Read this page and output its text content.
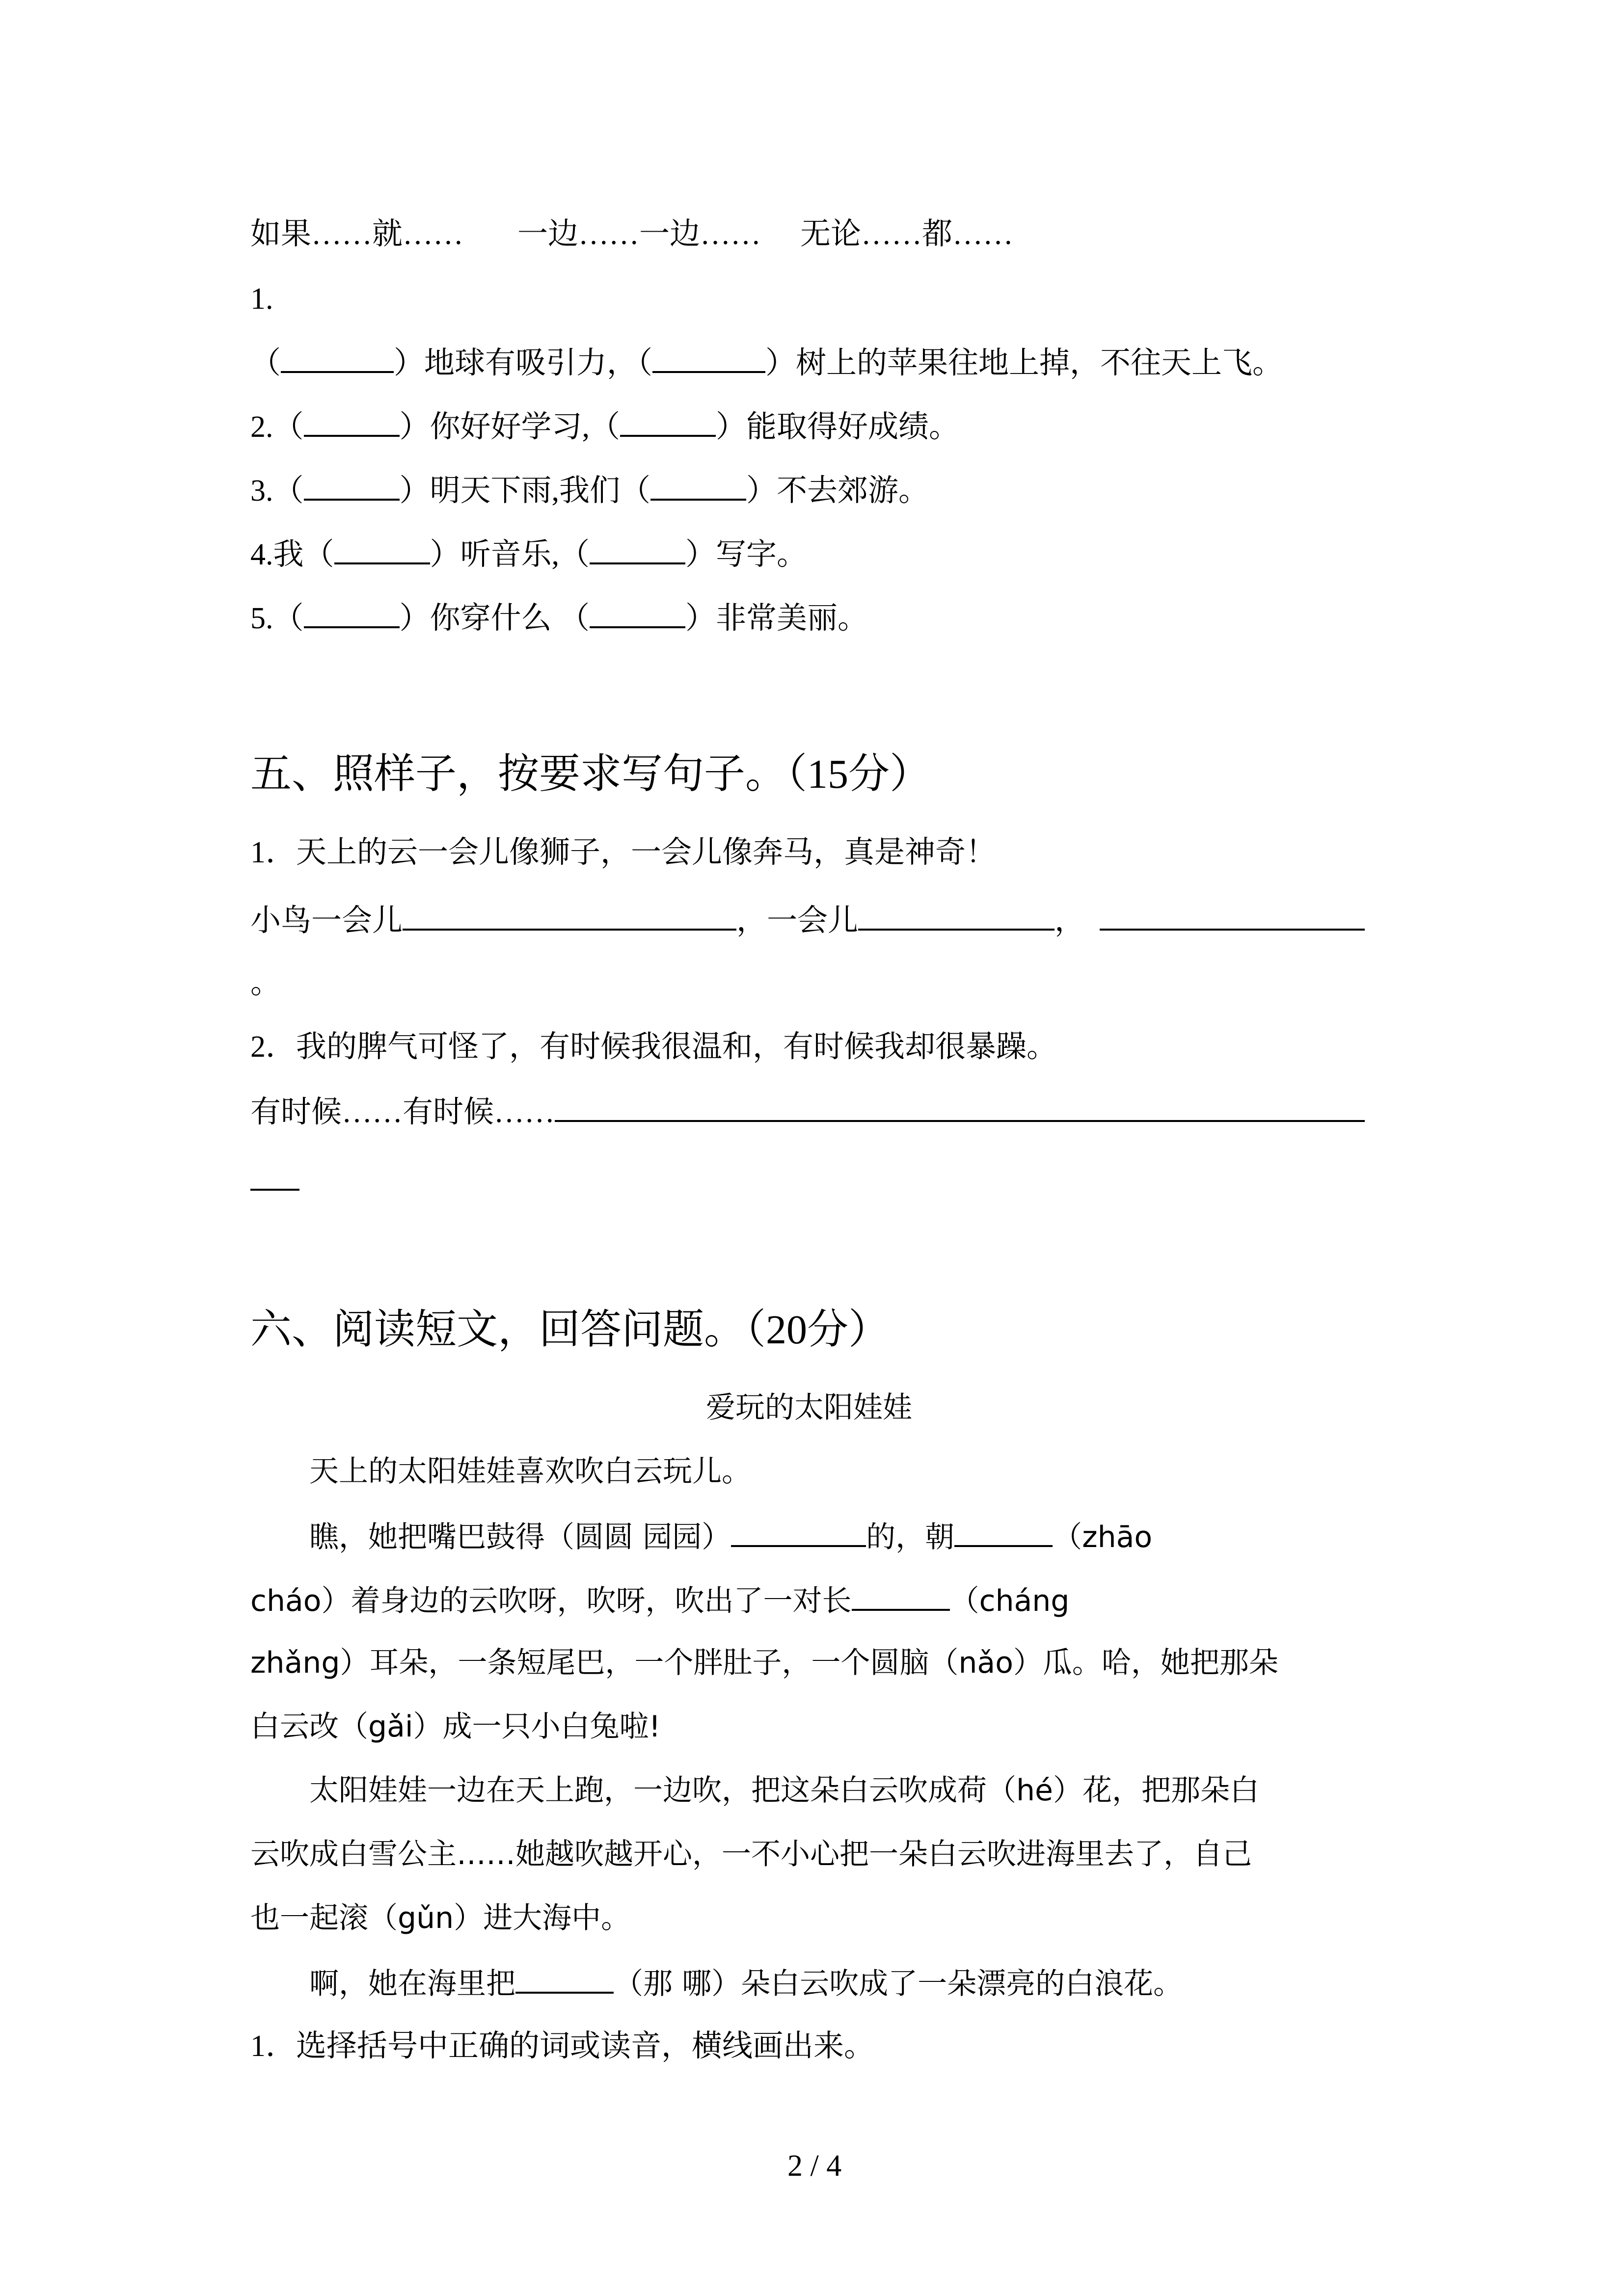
如果……就…… 一边……一边…… 无论……都……
1.
（	）地球有吸引力，（	）树上的苹果往地上掉，不往天上飞。
2.（	）你好好学习,（	）能取得好成绩。
3.（	）明天下雨,我们（	）不去郊游。
4.我（	）听音乐,（	）写字。
5.（	）你穿什么 （	）非常美丽。
五、照样子，按要求写句子。（15分）
1．天上的云一会儿像狮子，一会儿像奔马，真是神奇！
小鸟一会儿	，一会儿	，
。
2．我的脾气可怪了，有时候我很温和，有时候我却很暴躁。
有时候……有时候……
六、阅读短文，回答问题。（20分）
爱玩的太阳娃娃
天上的太阳娃娃喜欢吹白云玩儿。
瞧，她把嘴巴鼓得（圆圆 园园）	的，朝	（zhāo
cháo）着身边的云吹呀，吹呀，吹出了一对长	（cháng
zhǎng）耳朵，一条短尾巴，一个胖肚子，一个圆脑（nǎo）瓜。哈，她把那朵
白云改（gǎi）成一只小白兔啦!
太阳娃娃一边在天上跑，一边吹，把这朵白云吹成荷（hé）花，把那朵白
云吹成白雪公主……她越吹越开心，一不小心把一朵白云吹进海里去了，自己
也一起滚（gǔn）进大海中。
啊，她在海里把	（那 哪）朵白云吹成了一朵漂亮的白浪花。
1．选择括号中正确的词或读音，横线画出来。
2 / 4
